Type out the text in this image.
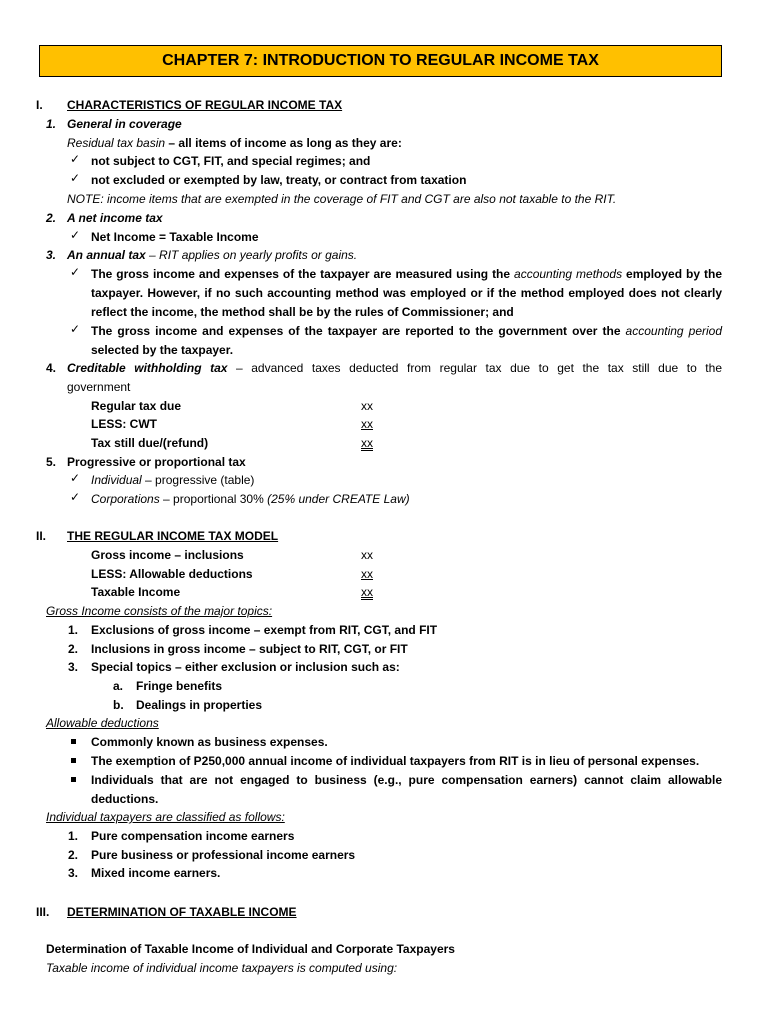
CHAPTER 7: INTRODUCTION TO REGULAR INCOME TAX
I. CHARACTERISTICS OF REGULAR INCOME TAX
1. General in coverage
Residual tax basin – all items of income as long as they are:
✓ not subject to CGT, FIT, and special regimes; and
✓ not excluded or exempted by law, treaty, or contract from taxation
NOTE: income items that are exempted in the coverage of FIT and CGT are also not taxable to the RIT.
2. A net income tax
✓ Net Income = Taxable Income
3. An annual tax – RIT applies on yearly profits or gains.
✓ The gross income and expenses of the taxpayer are measured using the accounting methods employed by the
taxpayer. However, if no such accounting method was employed or if the method employed does not clearly
reflect the income, the method shall be by the rules of Commissioner; and
✓ The gross income and expenses of the taxpayer are reported to the government over the accounting period
selected by the taxpayer.
4. Creditable withholding tax – advanced taxes deducted from regular tax due to get the tax still due to the
government
Regular tax due	xx
LESS: CWT	xx
Tax still due/(refund)	xx
5. Progressive or proportional tax
✓ Individual – progressive (table)
✓ Corporations – proportional 30% (25% under CREATE Law)
II. THE REGULAR INCOME TAX MODEL
Gross income – inclusions	xx
LESS: Allowable deductions	xx
Taxable Income	xx
Gross Income consists of the major topics:
1. Exclusions of gross income – exempt from RIT, CGT, and FIT
2. Inclusions in gross income – subject to RIT, CGT, or FIT
3. Special topics – either exclusion or inclusion such as:
a. Fringe benefits
b. Dealings in properties
Allowable deductions
Commonly known as business expenses.
The exemption of P250,000 annual income of individual taxpayers from RIT is in lieu of personal expenses.
Individuals that are not engaged to business (e.g., pure compensation earners) cannot claim allowable
deductions.
Individual taxpayers are classified as follows:
1. Pure compensation income earners
2. Pure business or professional income earners
3. Mixed income earners.
III. DETERMINATION OF TAXABLE INCOME
Determination of Taxable Income of Individual and Corporate Taxpayers
Taxable income of individual income taxpayers is computed using:
